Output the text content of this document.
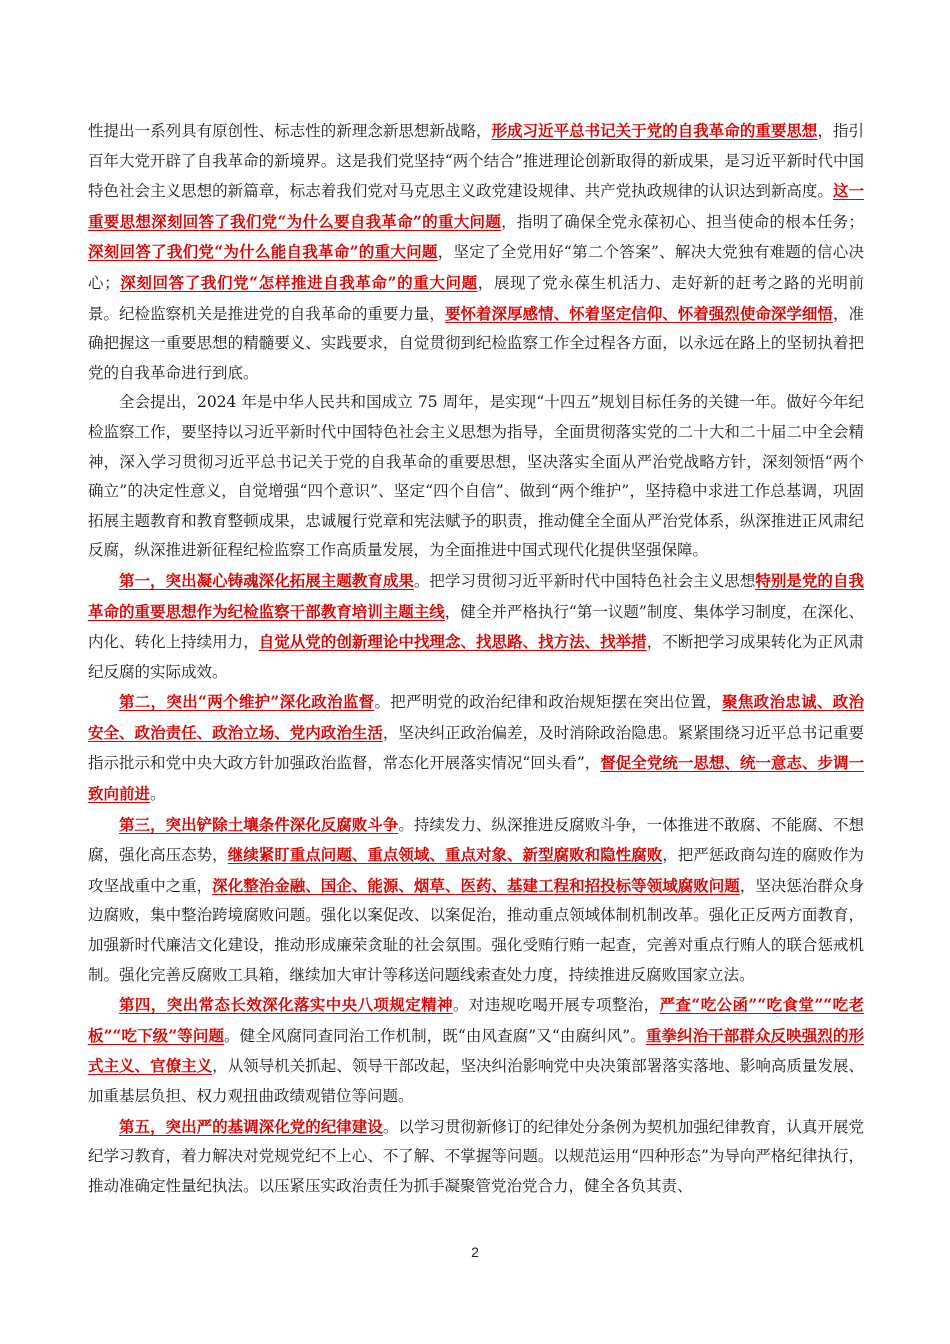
性提出一系列具有原创性、标志性的新理念新思想新战略，形成习近平总书记关于党的自我革命的重要思想，指引百年大党开辟了自我革命的新境界。这是我们党坚持“两个结合”推进理论创新取得的新成果，是习近平新时代中国特色社会主义思想的新篇章，标志着我们党对马克思主义政党建设规律、共产党执政规律的认识达到新高度。这一重要思想深刻回答了我们党“为什么要自我革命”的重大问题，指明了确保全党永葆初心、担当使命的根本任务；深刻回答了我们党“为什么能自我革命”的重大问题，坚定了全党用好“第二个答案”、解决大党独有难题的信心决心；深刻回答了我们党“怎样推进自我革命”的重大问题，展现了党永葆生机活力、走好新的赶考之路的光明前景。纪检监察机关是推进党的自我革命的重要力量，要怀着深厚感情、怀着坚定信仰、怀着强烈使命深学细悟，准确把握这一重要思想的精髓要义、实践要求，自觉贯彻到纪检监察工作全过程各方面，以永远在路上的坚韧执着把党的自我革命进行到底。

全会提出，2024 年是中华人民共和国成立 75 周年，是实现“十四五”规划目标任务的关键一年。做好今年纪检监察工作，要坚持以习近平新时代中国特色社会主义思想为指导，全面贯彻落实党的二十大和二十届二中全会精神，深入学习贯彻习近平总书记关于党的自我革命的重要思想，坚决落实全面从严治党战略方针，深刻领悟“两个确立”的决定性意义，自觉增强“四个意识”、坚定“四个自信”、做到“两个维护”，坚持稳中求进工作总基调，巩固拓展主题教育和教育整顿成果，忠诚履行党章和宪法赋予的职责，推动健全全面从严治党体系，纵深推进正风肃纪反腐，纵深推进新征程纪检监察工作高质量发展，为全面推进中国式现代化提供坚强保障。

第一，突出凝心铸魂深化拓展主题教育成果。把学习贯彻习近平新时代中国特色社会主义思想特别是党的自我革命的重要思想作为纪检监察干部教育培训主题主线，健全并严格执行“第一议题”制度、集体学习制度，在深化、内化、转化上持续用力，自觉从党的创新理论中找理念、找思路、找方法、找举措，不断把学习成果转化为正风肃纪反腐的实际成效。

第二，突出“两个维护”深化政治监督。把严明党的政治纪律和政治规矩摆在突出位置，聚焦政治忠诚、政治安全、政治责任、政治立场、党内政治生活，坚决纠正政治偏差，及时消除政治隐患。紧紧围绕习近平总书记重要指示批示和党中央大政方针加强政治监督，常态化开展落实情况“回头看”，督促全党统一思想、统一意志、步调一致向前进。

第三，突出铲除土壤条件深化反腐败斗争。持续发力、纵深推进反腐败斗争，一体推进不敢腐、不能腐、不想腐，强化高压态势，继续紧盯重点问题、重点领域、重点对象、新型腐败和隐性腐败，把严惩政商勾连的腐败作为攻坚战重中之重，深化整治金融、国企、能源、烟草、医药、基建工程和招投标等领域腐败问题，坚决惩治群众身边腐败，集中整治跨境腐败问题。强化以案促改、以案促治，推动重点领域体制机制改革。强化正反两方面教育，加强新时代廉洁文化建设，推动形成廉荣贪耻的社会氛围。强化受贿行贿一起查，完善对重点行贿人的联合惩戒机制。强化完善反腐败工具箱，继续加大审计等移送问题线索查处力度，持续推进反腐败国家立法。

第四，突出常态长效深化落实中央八项规定精神。对违规吃喝开展专项整治，严查“吃公函”“吃食堂”“吃老板”“吃下级”等问题。健全风腐同查同治工作机制，既“由风查腐”又“由腐纠风”。重拳纠治干部群众反映强烈的形式主义、官僚主义，从领导机关抓起、领导干部改起，坚决纠治影响党中央决策部署落实落地、影响高质量发展、加重基层负担、权力观扭曲政绩观错位等问题。

第五，突出严的基调深化党的纪律建设。以学习贯彻新修订的纪律处分条例为契机加强纪律教育，认真开展党纪学习教育，着力解决对党规党纪不上心、不了解、不掌握等问题。以规范运用“四种形态”为导向严格纪律执行，推动准确定性量纪执法。以压紧压实政治责任为抓手凝聚管党治党合力，健全各负其责、

2
